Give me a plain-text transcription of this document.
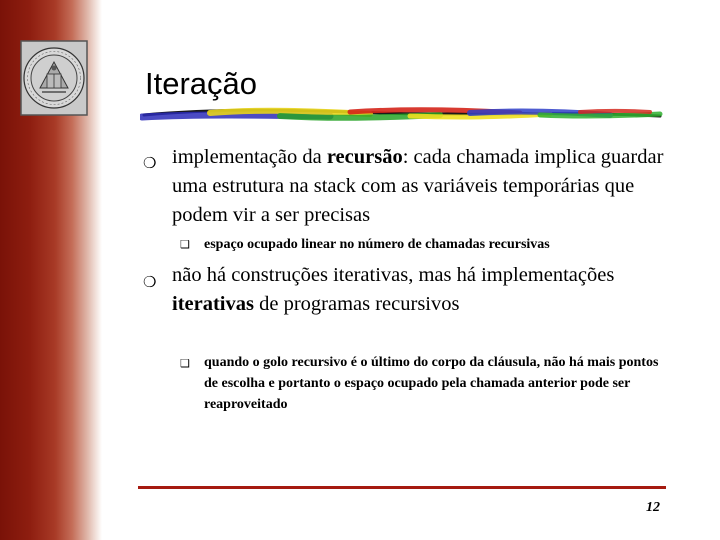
Iteração
❍ implementação da recursão: cada chamada implica guardar uma estrutura na stack com as variáveis temporárias que podem vir a ser precisas
❑ espaço ocupado linear no número de chamadas recursivas
❍ não há construções iterativas, mas há implementações iterativas de programas recursivos
❑ quando o golo recursivo é o último do corpo da cláusula, não há mais pontos de escolha e portanto o espaço ocupado pela chamada anterior pode ser reaproveitado
12
